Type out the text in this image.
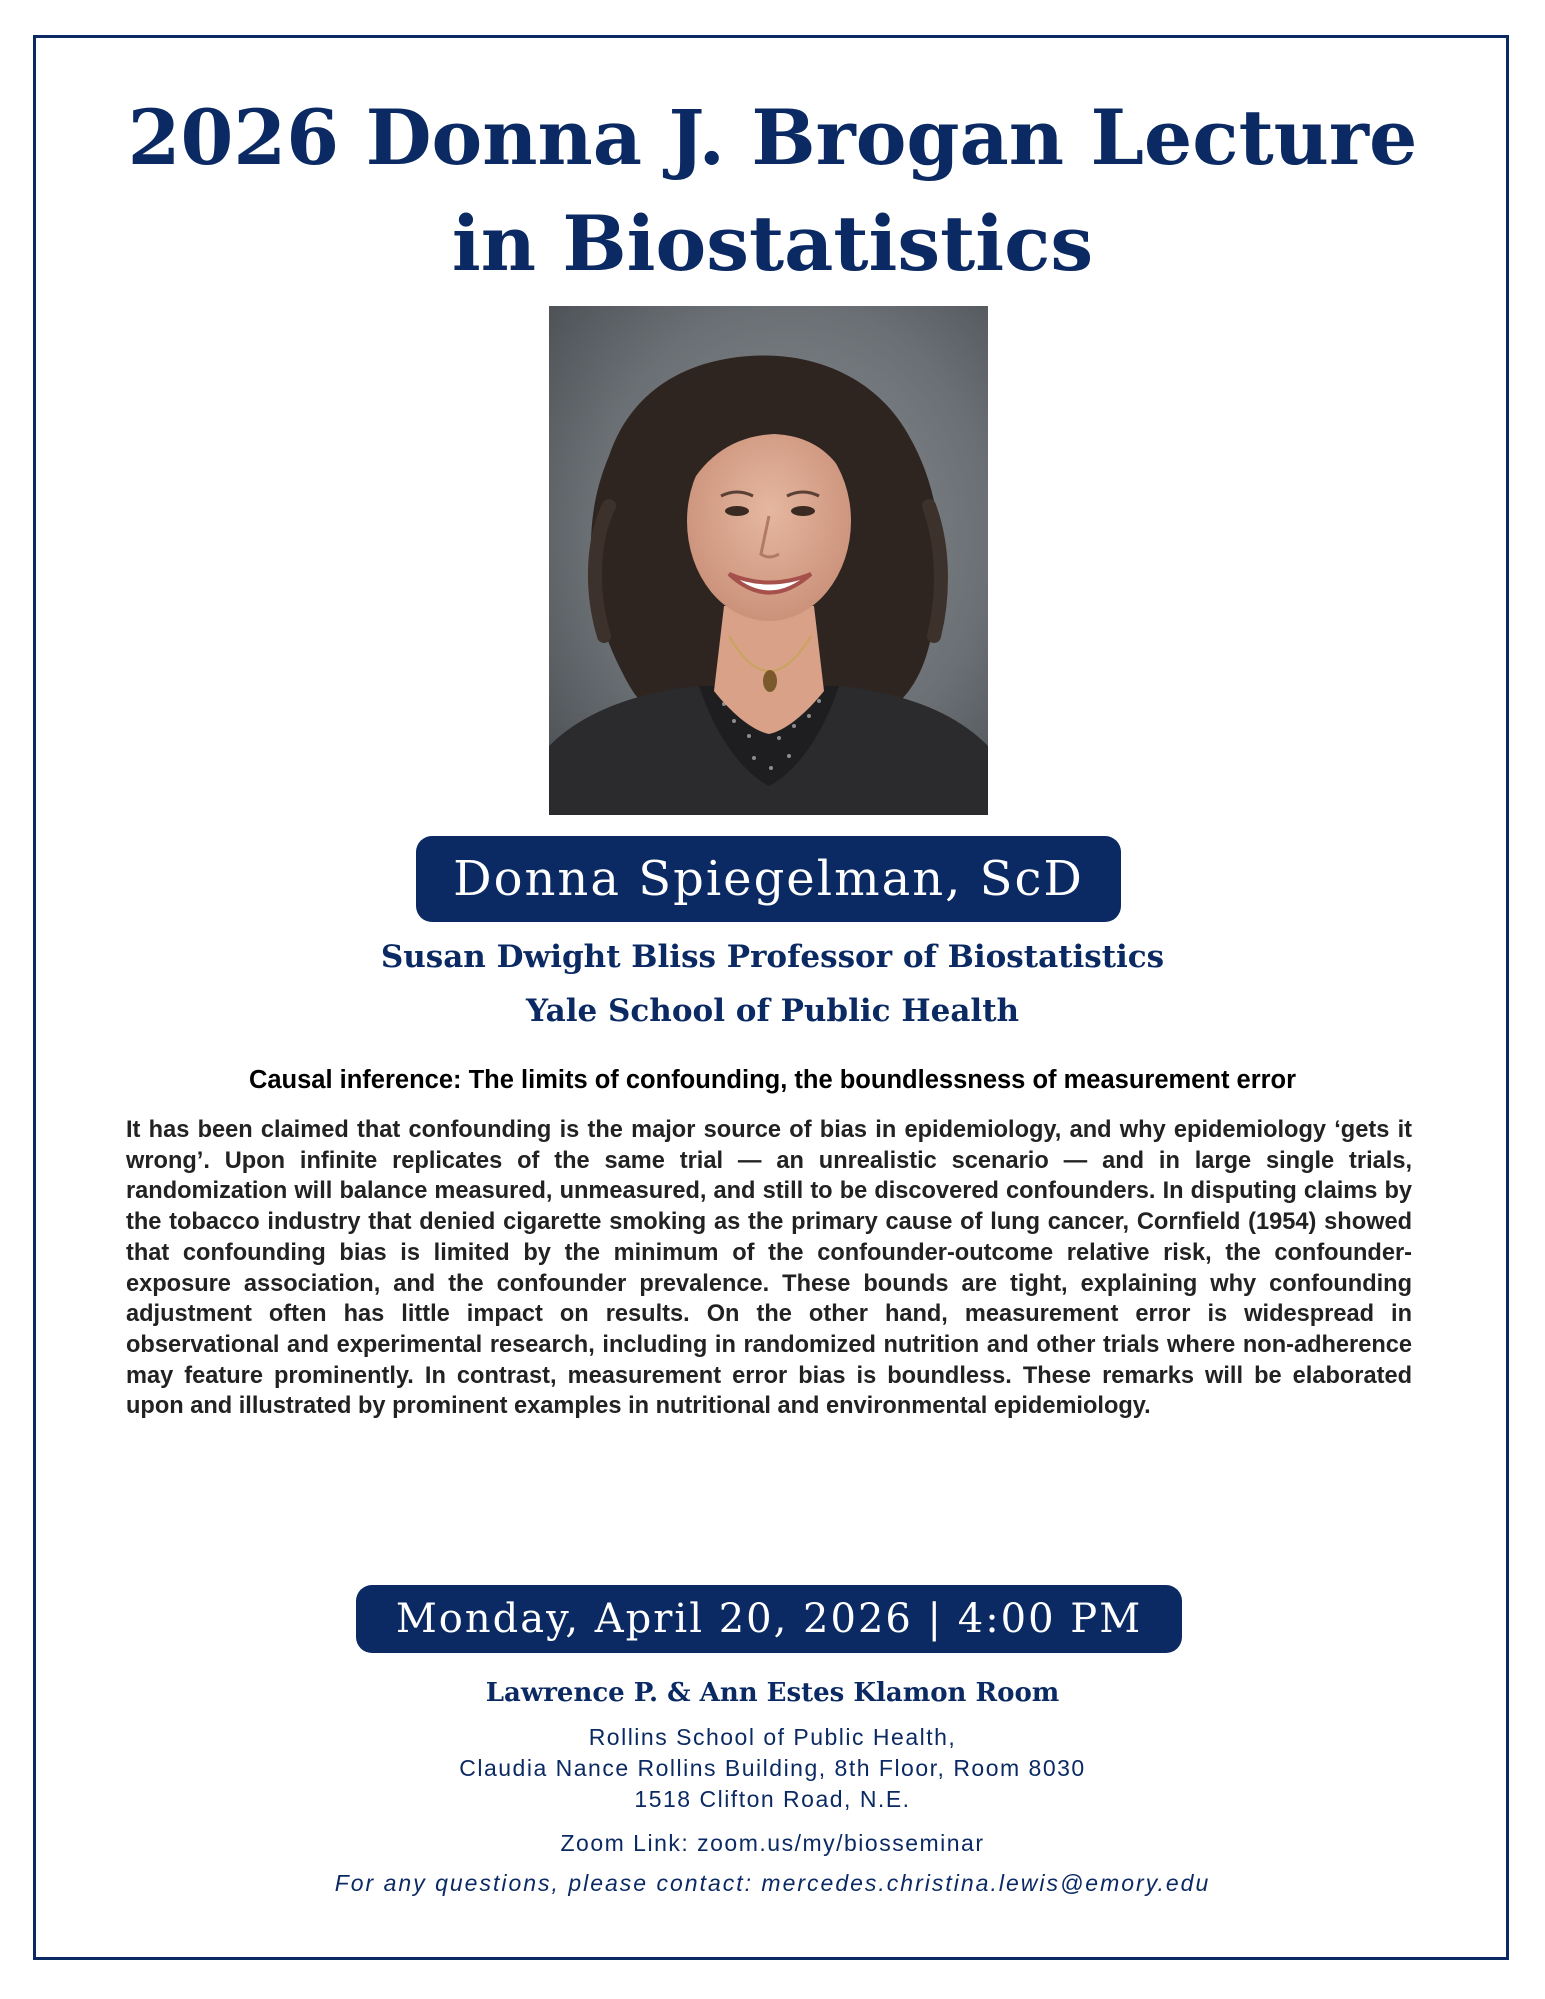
2026 Donna J. Brogan Lecture
in Biostatistics
Donna Spiegelman, ScD
Susan Dwight Bliss Professor of Biostatistics
Yale School of Public Health
Causal inference: The limits of confounding, the boundlessness of measurement error

It has been claimed that confounding is the major source of bias in epidemiology, and why epidemiology ‘gets it wrong’. Upon infinite replicates of the same trial — an unrealistic scenario — and in large single trials, randomization will balance measured, unmeasured, and still to be discovered confounders. In disputing claims by the tobacco industry that denied cigarette smoking as the primary cause of lung cancer, Cornfield (1954) showed that confounding bias is limited by the minimum of the confounder-outcome relative risk, the confounder-exposure association, and the confounder prevalence. These bounds are tight, explaining why confounding adjustment often has little impact on results. On the other hand, measurement error is widespread in observational and experimental research, including in randomized nutrition and other trials where non-adherence may feature prominently. In contrast, measurement error bias is boundless. These remarks will be elaborated upon and illustrated by prominent examples in nutritional and environmental epidemiology.

Monday, April 20, 2026 | 4:00 PM
Lawrence P. & Ann Estes Klamon Room
Rollins School of Public Health,
Claudia Nance Rollins Building, 8th Floor, Room 8030
1518 Clifton Road, N.E.
Zoom Link: zoom.us/my/biosseminar
For any questions, please contact: mercedes.christina.lewis@emory.edu
